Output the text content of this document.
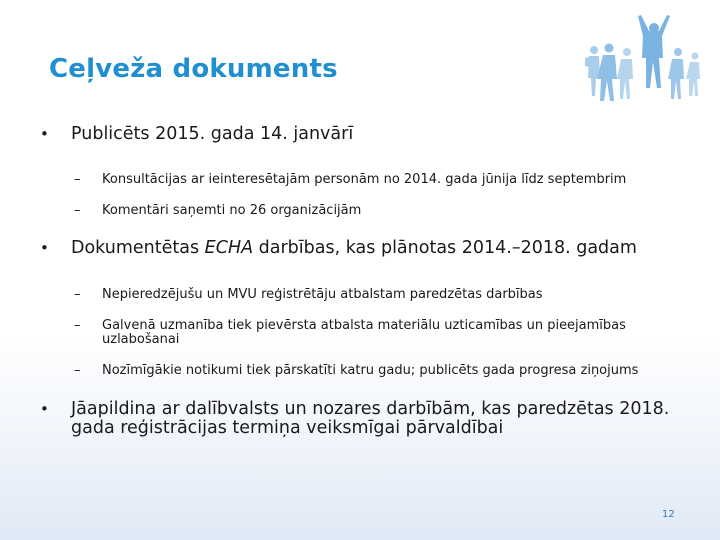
Ceļveža dokuments
• Publicēts 2015. gada 14. janvārī
– Konsultācijas ar ieinteresētajām personām no 2014. gada jūnija līdz septembrim
– Komentāri saņemti no 26 organizācijām
• Dokumentētas ECHA darbības, kas plānotas 2014.–2018. gadam
– Nepieredzējušu un MVU reģistrētāju atbalstam paredzētas darbības
– Galvenā uzmanība tiek pievērsta atbalsta materiālu uzticamības un pieejamības uzlabošanai
– Nozīmīgākie notikumi tiek pārskatīti katru gadu; publicēts gada progresa ziņojums
• Jāapildina ar dalībvalsts un nozares darbībām, kas paredzētas 2018. gada reģistrācijas termiņa veiksmīgai pārvaldībai
12
